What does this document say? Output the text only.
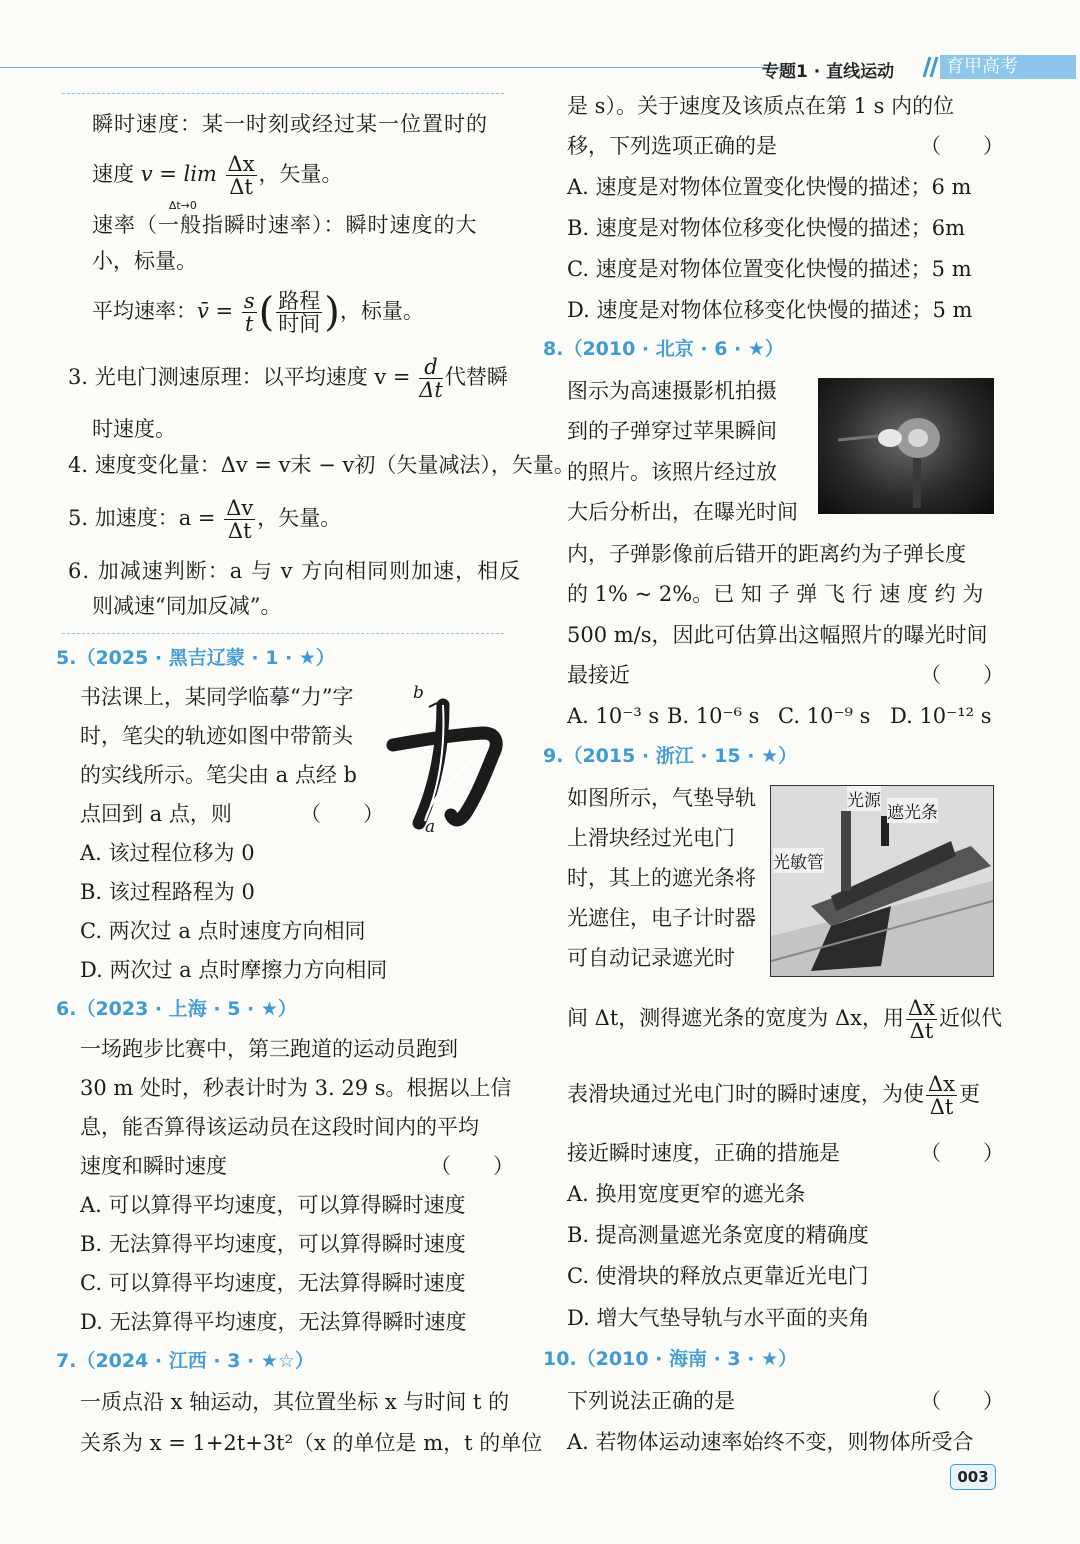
专题1 · 直线运动	育甲高考
瞬时速度：某一时刻或经过某一位置时的
速度 v = lim
Δt→0

$\frac{\Delta x}{\Delta t}$ ，矢量。
速率（一般指瞬时速率）：瞬时速度的大
小，标量。
平均速率：v̄ = $\frac{s}{t}$ ( $\frac{\text{路程}}{\text{时间}}$ )，标量。
3. 光电门测速原理：以平均速度 $v = \frac{d}{\Delta t}$ 代替瞬
时速度。
4. 速度变化量：Δv = v末 − v初（矢量减法），矢量。
5. 加速度：$a = \frac{\Delta v}{\Delta t}$ ，矢量。
6. 加减速判断：a 与 v 方向相同则加速，相反
则减速“同加反减”。
5.（2025 · 黑吉辽蒙 · 1 · ★）
书法课上，某同学临摹“力”字
时，笔尖的轨迹如图中带箭头
的实线所示。笔尖由 a 点经 b
点回到 a 点，则	（　　）
b
a
A. 该过程位移为 0
B. 该过程路程为 0
C. 两次过 a 点时速度方向相同
D. 两次过 a 点时摩擦力方向相同
6.（2023 · 上海 · 5 · ★）
一场跑步比赛中，第三跑道的运动员跑到
30 m 处时，秒表计时为 3. 29 s。根据以上信
息，能否算得该运动员在这段时间内的平均
速度和瞬时速度	（　　）
A. 可以算得平均速度，可以算得瞬时速度
B. 无法算得平均速度，可以算得瞬时速度
C. 可以算得平均速度，无法算得瞬时速度
D. 无法算得平均速度，无法算得瞬时速度
7.（2024 · 江西 · 3 · ★☆）
一质点沿 x 轴运动，其位置坐标 x 与时间 t 的
关系为 x = 1+2t+3t²（x 的单位是 m，t 的单位
是 s）。关于速度及该质点在第 1 s 内的位
移，下列选项正确的是	（　　）
A. 速度是对物体位置变化快慢的描述；6 m
B. 速度是对物体位移变化快慢的描述；6m
C. 速度是对物体位置变化快慢的描述；5 m
D. 速度是对物体位移变化快慢的描述；5 m
8.（2010 · 北京 · 6 · ★）
图示为高速摄影机拍摄
到的子弹穿过苹果瞬间
的照片。该照片经过放
大后分析出，在曝光时间
内，子弹影像前后错开的距离约为子弹长度
的 1% ~ 2%。已 知 子 弹 飞 行 速 度 约 为
500 m/s，因此可估算出这幅照片的曝光时间
最接近	（　　）
A. 10⁻³ s B. 10⁻⁶ s C. 10⁻⁹ s D. 10⁻¹² s
9.（2015 · 浙江 · 15 · ★）
光源
遮光条
光敏管
如图所示，气垫导轨
上滑块经过光电门
时，其上的遮光条将
光遮住，电子计时器
可自动记录遮光时
间 Δt，测得遮光条的宽度为 Δx，用 $\frac{\Delta x}{\Delta t}$ 近似代
表滑块通过光电门时的瞬时速度，为使 $\frac{\Delta x}{\Delta t}$ 更
接近瞬时速度，正确的措施是	（　　）
A. 换用宽度更窄的遮光条
B. 提高测量遮光条宽度的精确度
C. 使滑块的释放点更靠近光电门
D. 增大气垫导轨与水平面的夹角
10.（2010 · 海南 · 3 · ★）
下列说法正确的是	（　　）
A. 若物体运动速率始终不变，则物体所受合
003
